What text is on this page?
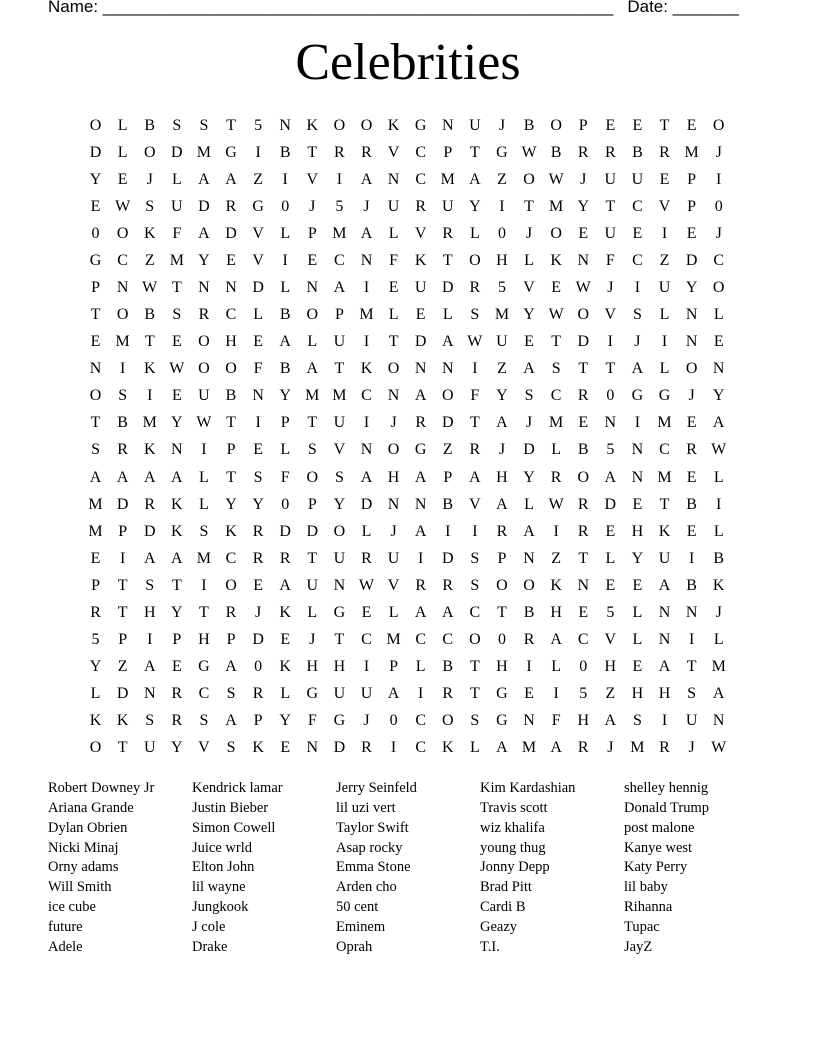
Name: ______________________________________________________ Date: _______
Celebrities
O	L	B	S	S	T	5	N K O O K G N U	J	B O	P	E	E	T	E	O
D	L	O D M G	I	B	T	R	R V C	P	T	G W B	R	R	B	R M	J
Y	E	J	L	A A	Z	I	V	I	A N C M A	Z	O W	J	U U	E	P	I
E W S	U D R G	0	J	5	J	U R U Y	I	T M Y	T	C V	P	0
0	O K	F	A D V	L	P M A	L	V R	L	0	J	O	E	U	E	I	E	J
G C	Z M Y	E	V	I	E	C N	F	K	T	O H	L	K N	F	C	Z	D C
P	N W T	N N D	L	N A	I	E	U D R	5	V	E W	J	I	U Y O
T	O B	S	R	C	L	B O	P M L	E	L	S M Y W O V	S	L	N	L
E M T	E	O H	E	A	L	U	I	T	D A W U	E	T	D	I	J	I	N	E
N	I	K W O O	F	B A	T	K O N N	I	Z	A	S	T	T	A	L	O N
O	S	I	E	U B N Y M M C N A O	F	Y	S	C	R	0	G G	J	Y
T	B M Y W T	I	P	T	U	I	J	R D	T	A	J	M E	N	I	M E	A
S	R K N	I	P	E	L	S	V N O G	Z	R	J	D	L	B	5	N C	R W
A A A A	L	T	S	F	O	S	A H A	P	A H Y R O A N M E	L
M D R K	L	Y Y	0	P	Y D N N B V A	L W R D	E	T	B	I
M P	D K	S	K R D D O	L	J	A	I	I	R A	I	R	E	H K	E	L
E	I	A A M C	R	R	T	U R U	I	D	S	P	N	Z	T	L	Y U	I	B
P	T	S	T	I	O	E	A U N W V R	R	S	O O K N	E	E	A B K
R	T	H Y	T	R	J	K	L	G	E	L	A A C	T	B H	E	5	L	N N	J
5	P	I	P	H	P	D	E	J	T	C M C	C O	0	R A C V	L	N	I	L
Y	Z	A	E	G A	0	K H H	I	P	L	B	T	H	I	L	0	H	E	A	T M
L	D N R	C	S	R	L	G U U A	I	R	T	G	E	I	5	Z	H H	S	A
K K	S	R	S	A	P	Y	F	G	J	0	C O	S	G N	F	H A	S	I	U N
O	T	U Y V	S	K	E	N D R	I	C K	L	A M A R	J	M R	J	W
Robert Downey Jr
Ariana Grande
Dylan Obrien
Nicki Minaj
Orny adams
Will Smith
ice cube
future
Adele
Kendrick lamar
Justin Bieber
Simon Cowell
Juice wrld
Elton John
lil wayne
Jungkook
J cole
Drake
Jerry Seinfeld
lil uzi vert
Taylor Swift
Asap rocky
Emma Stone
Arden cho
50 cent
Eminem
Oprah
Kim Kardashian
Travis scott
wiz khalifa
young thug
Jonny Depp
Brad Pitt
Cardi B
Geazy
T.I.
shelley hennig
Donald Trump
post malone
Kanye west
Katy Perry
lil baby
Rihanna
Tupac
JayZ
